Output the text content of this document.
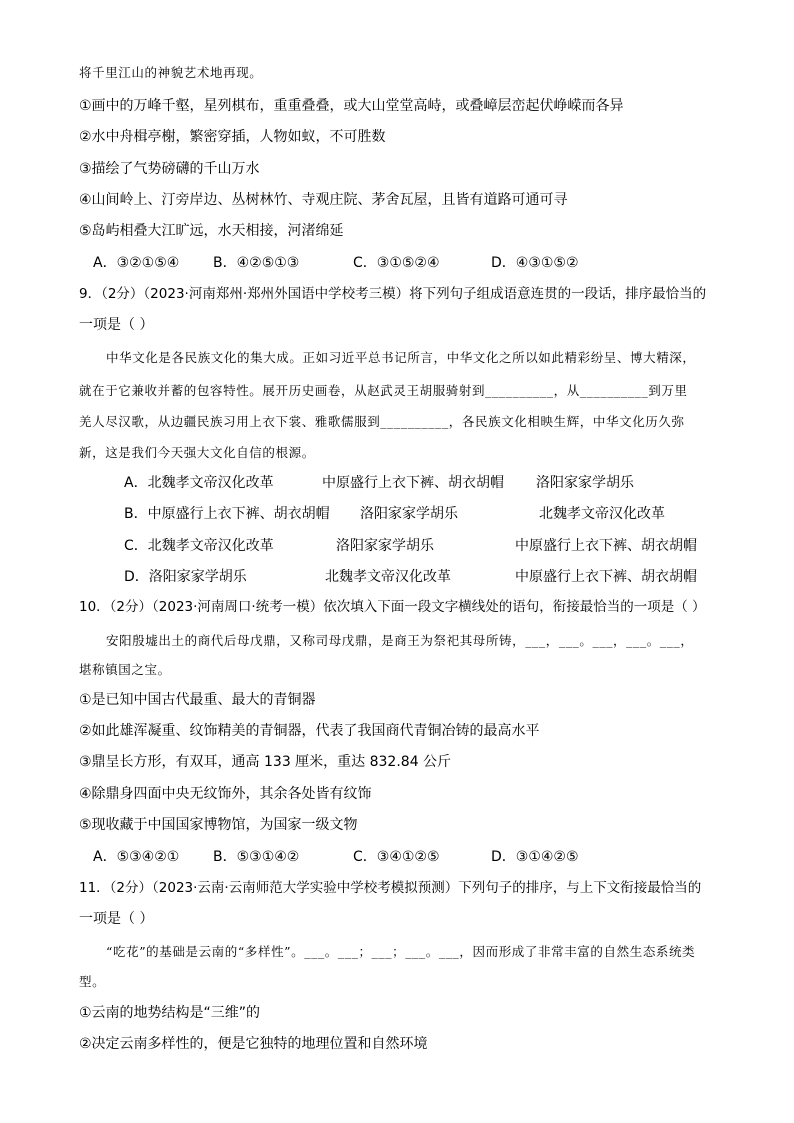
将千里江山的神貌艺术地再现。
①画中的万峰千壑，星列棋布，重重叠叠，或大山堂堂高峙，或叠嶂层峦起伏峥嵘而各异
②水中舟楫亭榭，繁密穿插，人物如蚁，不可胜数
③描绘了气势磅礴的千山万水
④山间岭上、汀旁岸边、丛树林竹、寺观庄院、茅舍瓦屋，且皆有道路可通可寻
⑤岛屿相叠大江旷远，水天相接，河渚绵延
A．③②①⑤④ B．④②⑤①③	C．③①⑤②④	D．④③①⑤②
9．（2分）（2023·河南郑州·郑州外国语中学校考三模）将下列句子组成语意连贯的一段话，排序最恰当的
一项是（ ）
中华文化是各民族文化的集大成。正如习近平总书记所言，中华文化之所以如此精彩纷呈、博大精深，
就在于它兼收并蓄的包容特性。展开历史画卷，从赵武灵王胡服骑射到__________，从__________到万里
羌人尽汉歌，从边疆民族习用上衣下裳、雅歌儒服到__________，各民族文化相映生辉，中华文化历久弥
新，这是我们今天强大文化自信的根源。
A．北魏孝文帝汉化改革	中原盛行上衣下裤、胡衣胡帽 洛阳家家学胡乐
B．中原盛行上衣下裤、胡衣胡帽 洛阳家家学胡乐	北魏孝文帝汉化改革
C．北魏孝文帝汉化改革	洛阳家家学胡乐	中原盛行上衣下裤、胡衣胡帽
D．洛阳家家学胡乐	北魏孝文帝汉化改革	中原盛行上衣下裤、胡衣胡帽
10．（2分）（2023·河南周口·统考一模）依次填入下面一段文字横线处的语句，衔接最恰当的一项是（ ）
安阳殷墟出土的商代后母戊鼎，又称司母戊鼎，是商王为祭祀其母所铸，___，___。___，___。___，
堪称镇国之宝。
①是已知中国古代最重、最大的青铜器
②如此雄浑凝重、纹饰精美的青铜器，代表了我国商代青铜冶铸的最高水平
③鼎呈长方形，有双耳，通高 133 厘米，重达 832.84 公斤
④除鼎身四面中央无纹饰外，其余各处皆有纹饰
⑤现收藏于中国国家博物馆，为国家一级文物
A．⑤③④②① B．⑤③①④②	C．③④①②⑤	D．③①④②⑤
11．（2分）（2023·云南·云南师范大学实验中学校考模拟预测）下列句子的排序，与上下文衔接最恰当的
一项是（ ）
“吃花”的基础是云南的“多样性”。___。___；___；___。___，因而形成了非常丰富的自然生态系统类
型。
①云南的地势结构是“三维”的
②决定云南多样性的，便是它独特的地理位置和自然环境
